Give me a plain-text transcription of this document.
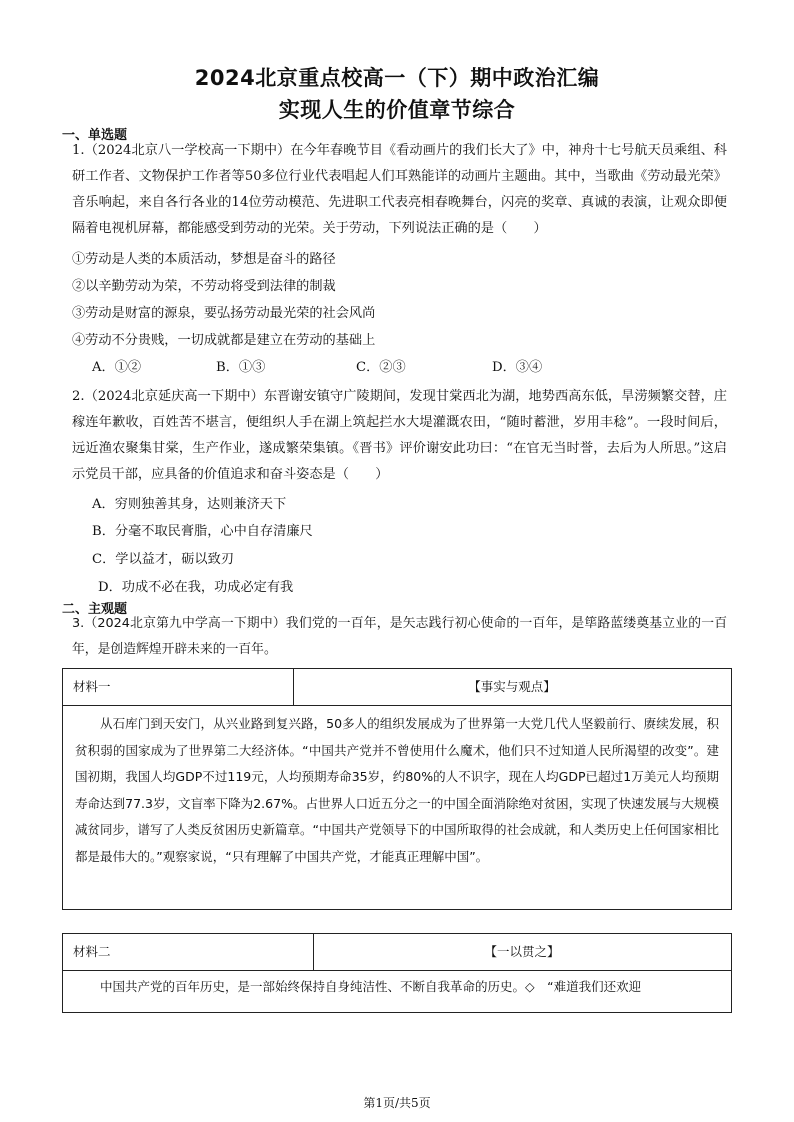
2024北京重点校高一（下）期中政治汇编
实现人生的价值章节综合
一、单选题

1.（2024北京八一学校高一下期中）在今年春晚节目《看动画片的我们长大了》中，神舟十七号航天员乘组、科研工作者、文物保护工作者等50多位行业代表唱起人们耳熟能详的动画片主题曲。其中，当歌曲《劳动最光荣》音乐响起，来自各行各业的14位劳动模范、先进职工代表亮相春晚舞台，闪亮的奖章、真诚的表演，让观众即便隔着电视机屏幕，都能感受到劳动的光荣。关于劳动，下列说法正确的是（　　）

①劳动是人类的本质活动，梦想是奋斗的路径
②以辛勤劳动为荣，不劳动将受到法律的制裁
③劳动是财富的源泉，要弘扬劳动最光荣的社会风尚
④劳动不分贵贱，一切成就都是建立在劳动的基础上
A．①②	B．①③	C．②③	D．③④

2.（2024北京延庆高一下期中）东晋谢安镇守广陵期间，发现甘棠西北为湖，地势西高东低，旱涝频繁交替，庄稼连年歉收，百姓苦不堪言，便组织人手在湖上筑起拦水大堤灌溉农田，“随时蓄泄，岁用丰稔”。一段时间后，远近渔农聚集甘棠，生产作业，遂成繁荣集镇。《晋书》评价谢安此功曰：“在官无当时誉，去后为人所思。”这启示党员干部，应具备的价值追求和奋斗姿态是（　　）

A．穷则独善其身，达则兼济天下
B．分毫不取民膏脂，心中自存清廉尺
C．学以益才，砺以致刃
D．功成不必在我，功成必定有我
二、主观题

3.（2024北京第九中学高一下期中）我们党的一百年，是矢志践行初心使命的一百年，是筚路蓝缕奠基立业的一百年，是创造辉煌开辟未来的一百年。

材料一	【事实与观点】

从石库门到天安门，从兴业路到复兴路，50多人的组织发展成为了世界第一大党几代人坚毅前行、赓续发展，积贫积弱的国家成为了世界第二大经济体。“中国共产党并不曾使用什么魔术，他们只不过知道人民所渴望的改变”。建国初期，我国人均GDP不过119元，人均预期寿命35岁，约80%的人不识字，现在人均GDP已超过1万美元人均预期寿命达到77.3岁，文盲率下降为2.67%。占世界人口近五分之一的中国全面消除绝对贫困，实现了快速发展与大规模减贫同步，谱写了人类反贫困历史新篇章。“中国共产党领导下的中国所取得的社会成就，和人类历史上任何国家相比都是最伟大的。”观察家说，“只有理解了中国共产党，才能真正理解中国”。

材料二	【一以贯之】

中国共产党的百年历史，是一部始终保持自身纯洁性、不断自我革命的历史。◇　“难道我们还欢迎

第1页/共5页
